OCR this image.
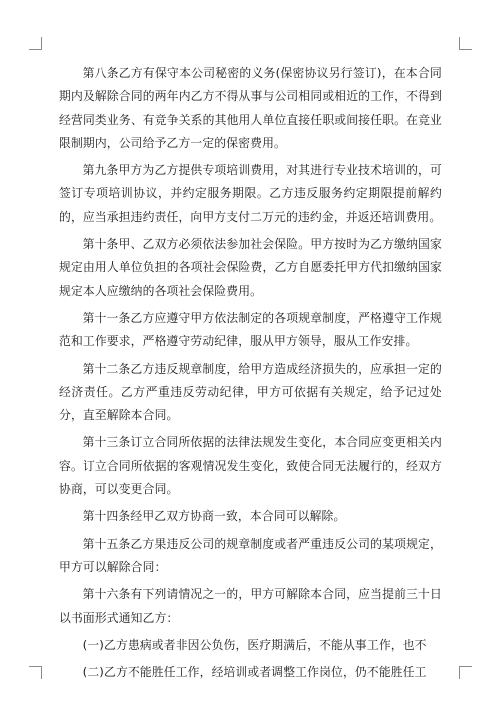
第八条乙方有保守本公司秘密的义务(保密协议另行签订)，在本合同期内及解除合同的两年内乙方不得从事与公司相同或相近的工作，不得到经营同类业务、有竞争关系的其他用人单位直接任职或间接任职。在竞业限制期内，公司给予乙方一定的保密费用。

第九条甲方为乙方提供专项培训费用，对其进行专业技术培训的，可签订专项培训协议，并约定服务期限。乙方违反服务约定期限提前解约的，应当承担违约责任，向甲方支付二万元的违约金，并返还培训费用。

第十条甲、乙双方必须依法参加社会保险。甲方按时为乙方缴纳国家规定由用人单位负担的各项社会保险费，乙方自愿委托甲方代扣缴纳国家规定本人应缴纳的各项社会保险费用。

第十一条乙方应遵守甲方依法制定的各项规章制度，严格遵守工作规范和工作要求，严格遵守劳动纪律，服从甲方领导，服从工作安排。

第十二条乙方违反规章制度，给甲方造成经济损失的，应承担一定的经济责任。乙方严重违反劳动纪律，甲方可依据有关规定，给予记过处分，直至解除本合同。

第十三条订立合同所依据的法律法规发生变化，本合同应变更相关内容。订立合同所依据的客观情况发生变化，致使合同无法履行的，经双方协商，可以变更合同。

第十四条经甲乙双方协商一致，本合同可以解除。

第十五条乙方果违反公司的规章制度或者严重违反公司的某项规定，甲方可以解除合同：

第十六条有下列请情况之一的，甲方可解除本合同，应当提前三十日以书面形式通知乙方：

(一)乙方患病或者非因公负伤，医疗期满后，不能从事工作，也不

(二)乙方不能胜任工作，经培训或者调整工作岗位，仍不能胜任工
